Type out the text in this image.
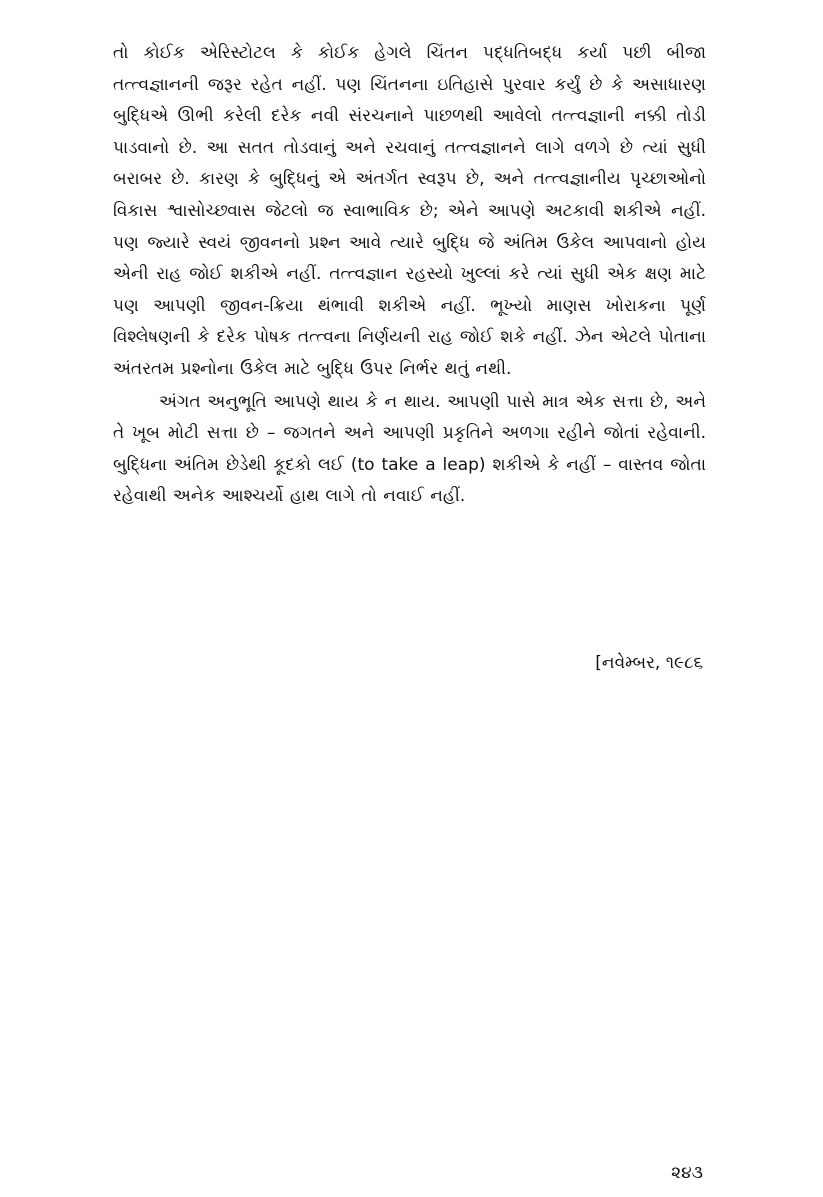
તો કોઈક એરિસ્ટોટલ કે કોઈક હેગલે ચિંતન પદ્ધતિબદ્ધ કર્યા પછી બીજા તત્ત્વજ્ઞાનની જરૂર રહેત નહીં. પણ ચિંતનના ઇતિહાસે પુરવાર કર્યું છે કે અસાધારણ બુદ્ધિએ ઊભી કરેલી દરેક નવી સંરચનાને પાછળથી આવેલો તત્ત્વજ્ઞાની નક્કી તોડી પાડવાનો છે. આ સતત તોડવાનું અને રચવાનું તત્ત્વજ્ઞાનને લાગે વળગે છે ત્યાં સુધી બરાબર છે. કારણ કે બુદ્ધિનું એ અંતર્ગત સ્વરૂપ છે, અને તત્ત્વજ્ઞાનીય પૃચ્છાઓનો વિકાસ શ્વાસોચ્છ્વાસ જેટલો જ સ્વાભાવિક છે; એને આપણે અટકાવી શકીએ નહીં. પણ જ્યારે સ્વયં જીવનનો પ્રશ્ન આવે ત્યારે બુદ્ધિ જે અંતિમ ઉકેલ આપવાનો હોય એની રાહ જોઈ શકીએ નહીં. તત્ત્વજ્ઞાન રહસ્યો ખુલ્લાં કરે ત્યાં સુધી એક ક્ષણ માટે પણ આપણી જીવન-ક્રિયા થંભાવી શકીએ નહીં. ભૂખ્યો માણસ ખોરાકના પૂર્ણ વિશ્લેષણની કે દરેક પોષક તત્ત્વના નિર્ણયની રાહ જોઈ શકે નહીં. ઝેન એટલે પોતાના અંતરતમ પ્રશ્નોના ઉકેલ માટે બુદ્ધિ ઉપર નિર્ભર થતું નથી.

અંગત અનુભૂતિ આપણે થાય કે ન થાય. આપણી પાસે માત્ર એક સત્તા છે, અને તે ખૂબ મોટી સત્તા છે – જગતને અને આપણી પ્રકૃતિને અળગા રહીને જોતાં રહેવાની. બુદ્ધિના અંતિમ છેડેથી કૂદકો લઈ (to take a leap) શકીએ કે નહીં – વાસ્તવ જોતા રહેવાથી અનેક આશ્ચર્યો હાથ લાગે તો નવાઈ નહીં.

[નવેમ્બર, ૧૯૮૬

૨૪૩
